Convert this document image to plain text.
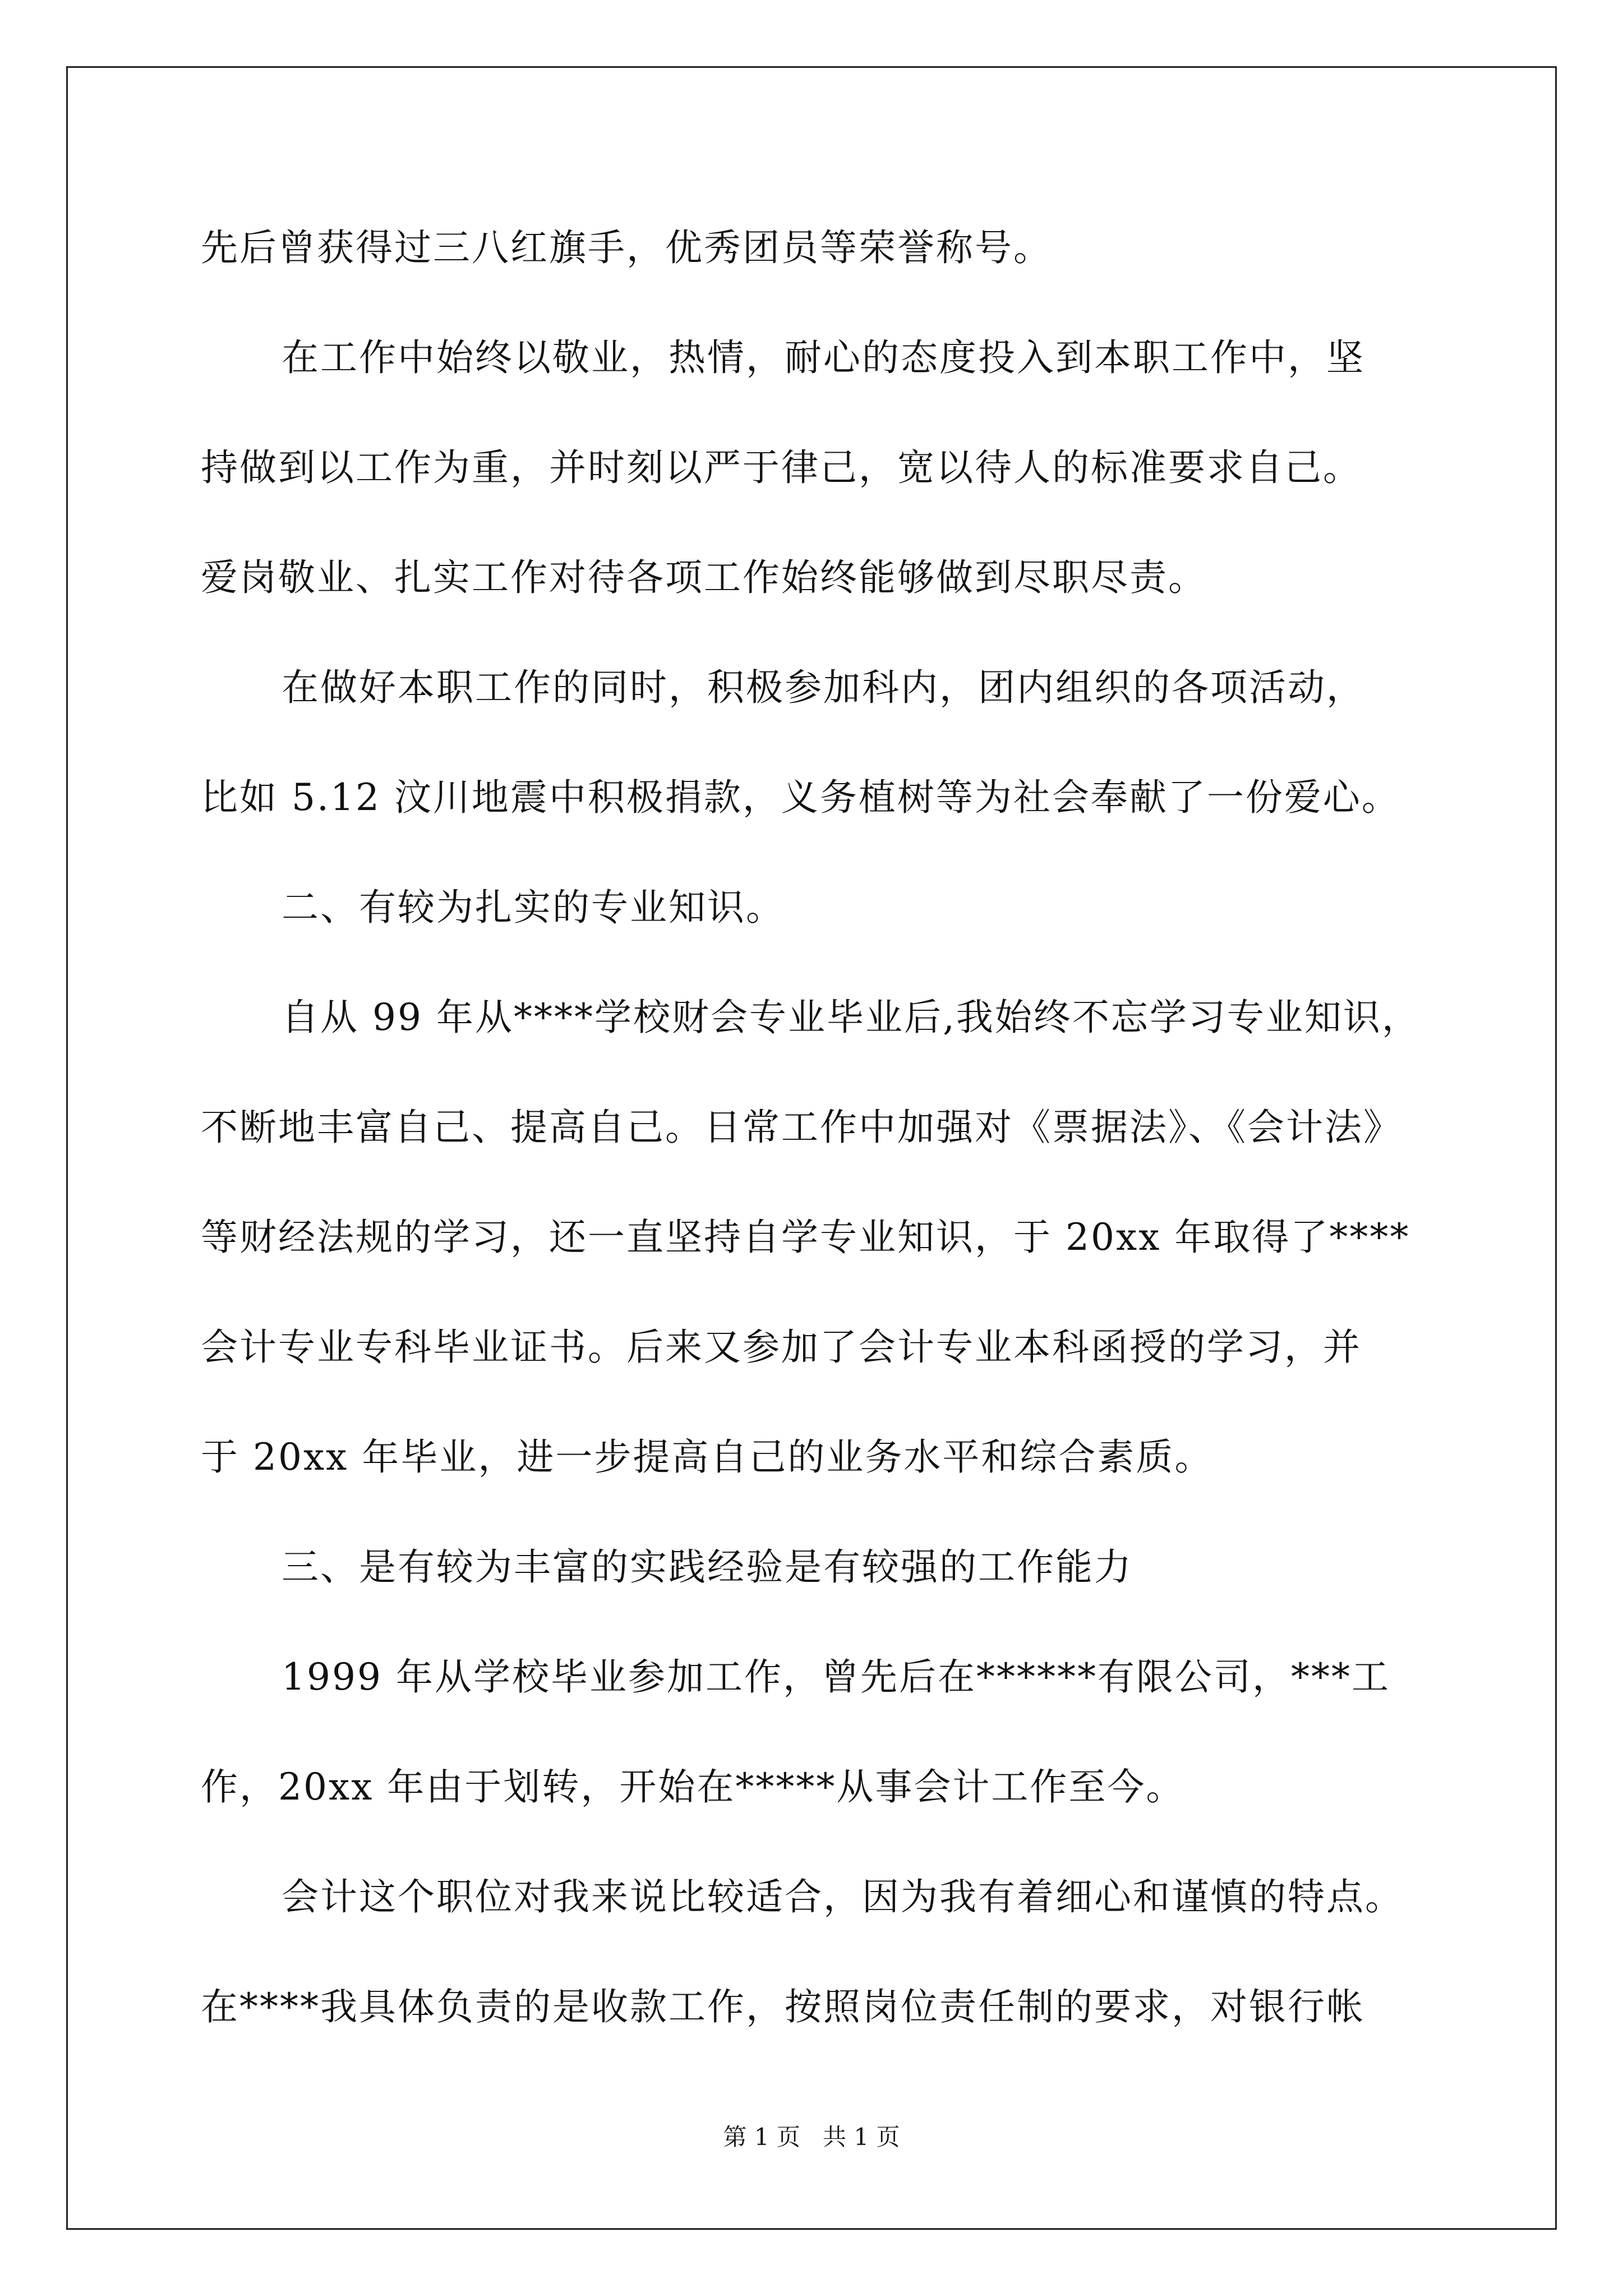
先后曾获得过三八红旗手，优秀团员等荣誉称号。
在工作中始终以敬业，热情，耐心的态度投入到本职工作中，坚
持做到以工作为重，并时刻以严于律己，宽以待人的标准要求自己。
爱岗敬业、扎实工作对待各项工作始终能够做到尽职尽责。
在做好本职工作的同时，积极参加科内，团内组织的各项活动，
比如 5.12 汶川地震中积极捐款，义务植树等为社会奉献了一份爱心。
二、有较为扎实的专业知识。
自从 99 年从****学校财会专业毕业后,我始终不忘学习专业知识，
不断地丰富自己、提高自己。日常工作中加强对《票据法》、《会计法》
等财经法规的学习，还一直坚持自学专业知识，于 20xx 年取得了****
会计专业专科毕业证书。后来又参加了会计专业本科函授的学习，并
于 20xx 年毕业，进一步提高自己的业务水平和综合素质。
三、是有较为丰富的实践经验是有较强的工作能力
1999 年从学校毕业参加工作，曾先后在******有限公司，***工
作，20xx 年由于划转，开始在*****从事会计工作至今。
会计这个职位对我来说比较适合，因为我有着细心和谨慎的特点。
在****我具体负责的是收款工作，按照岗位责任制的要求，对银行帐
第 1 页   共 1 页
